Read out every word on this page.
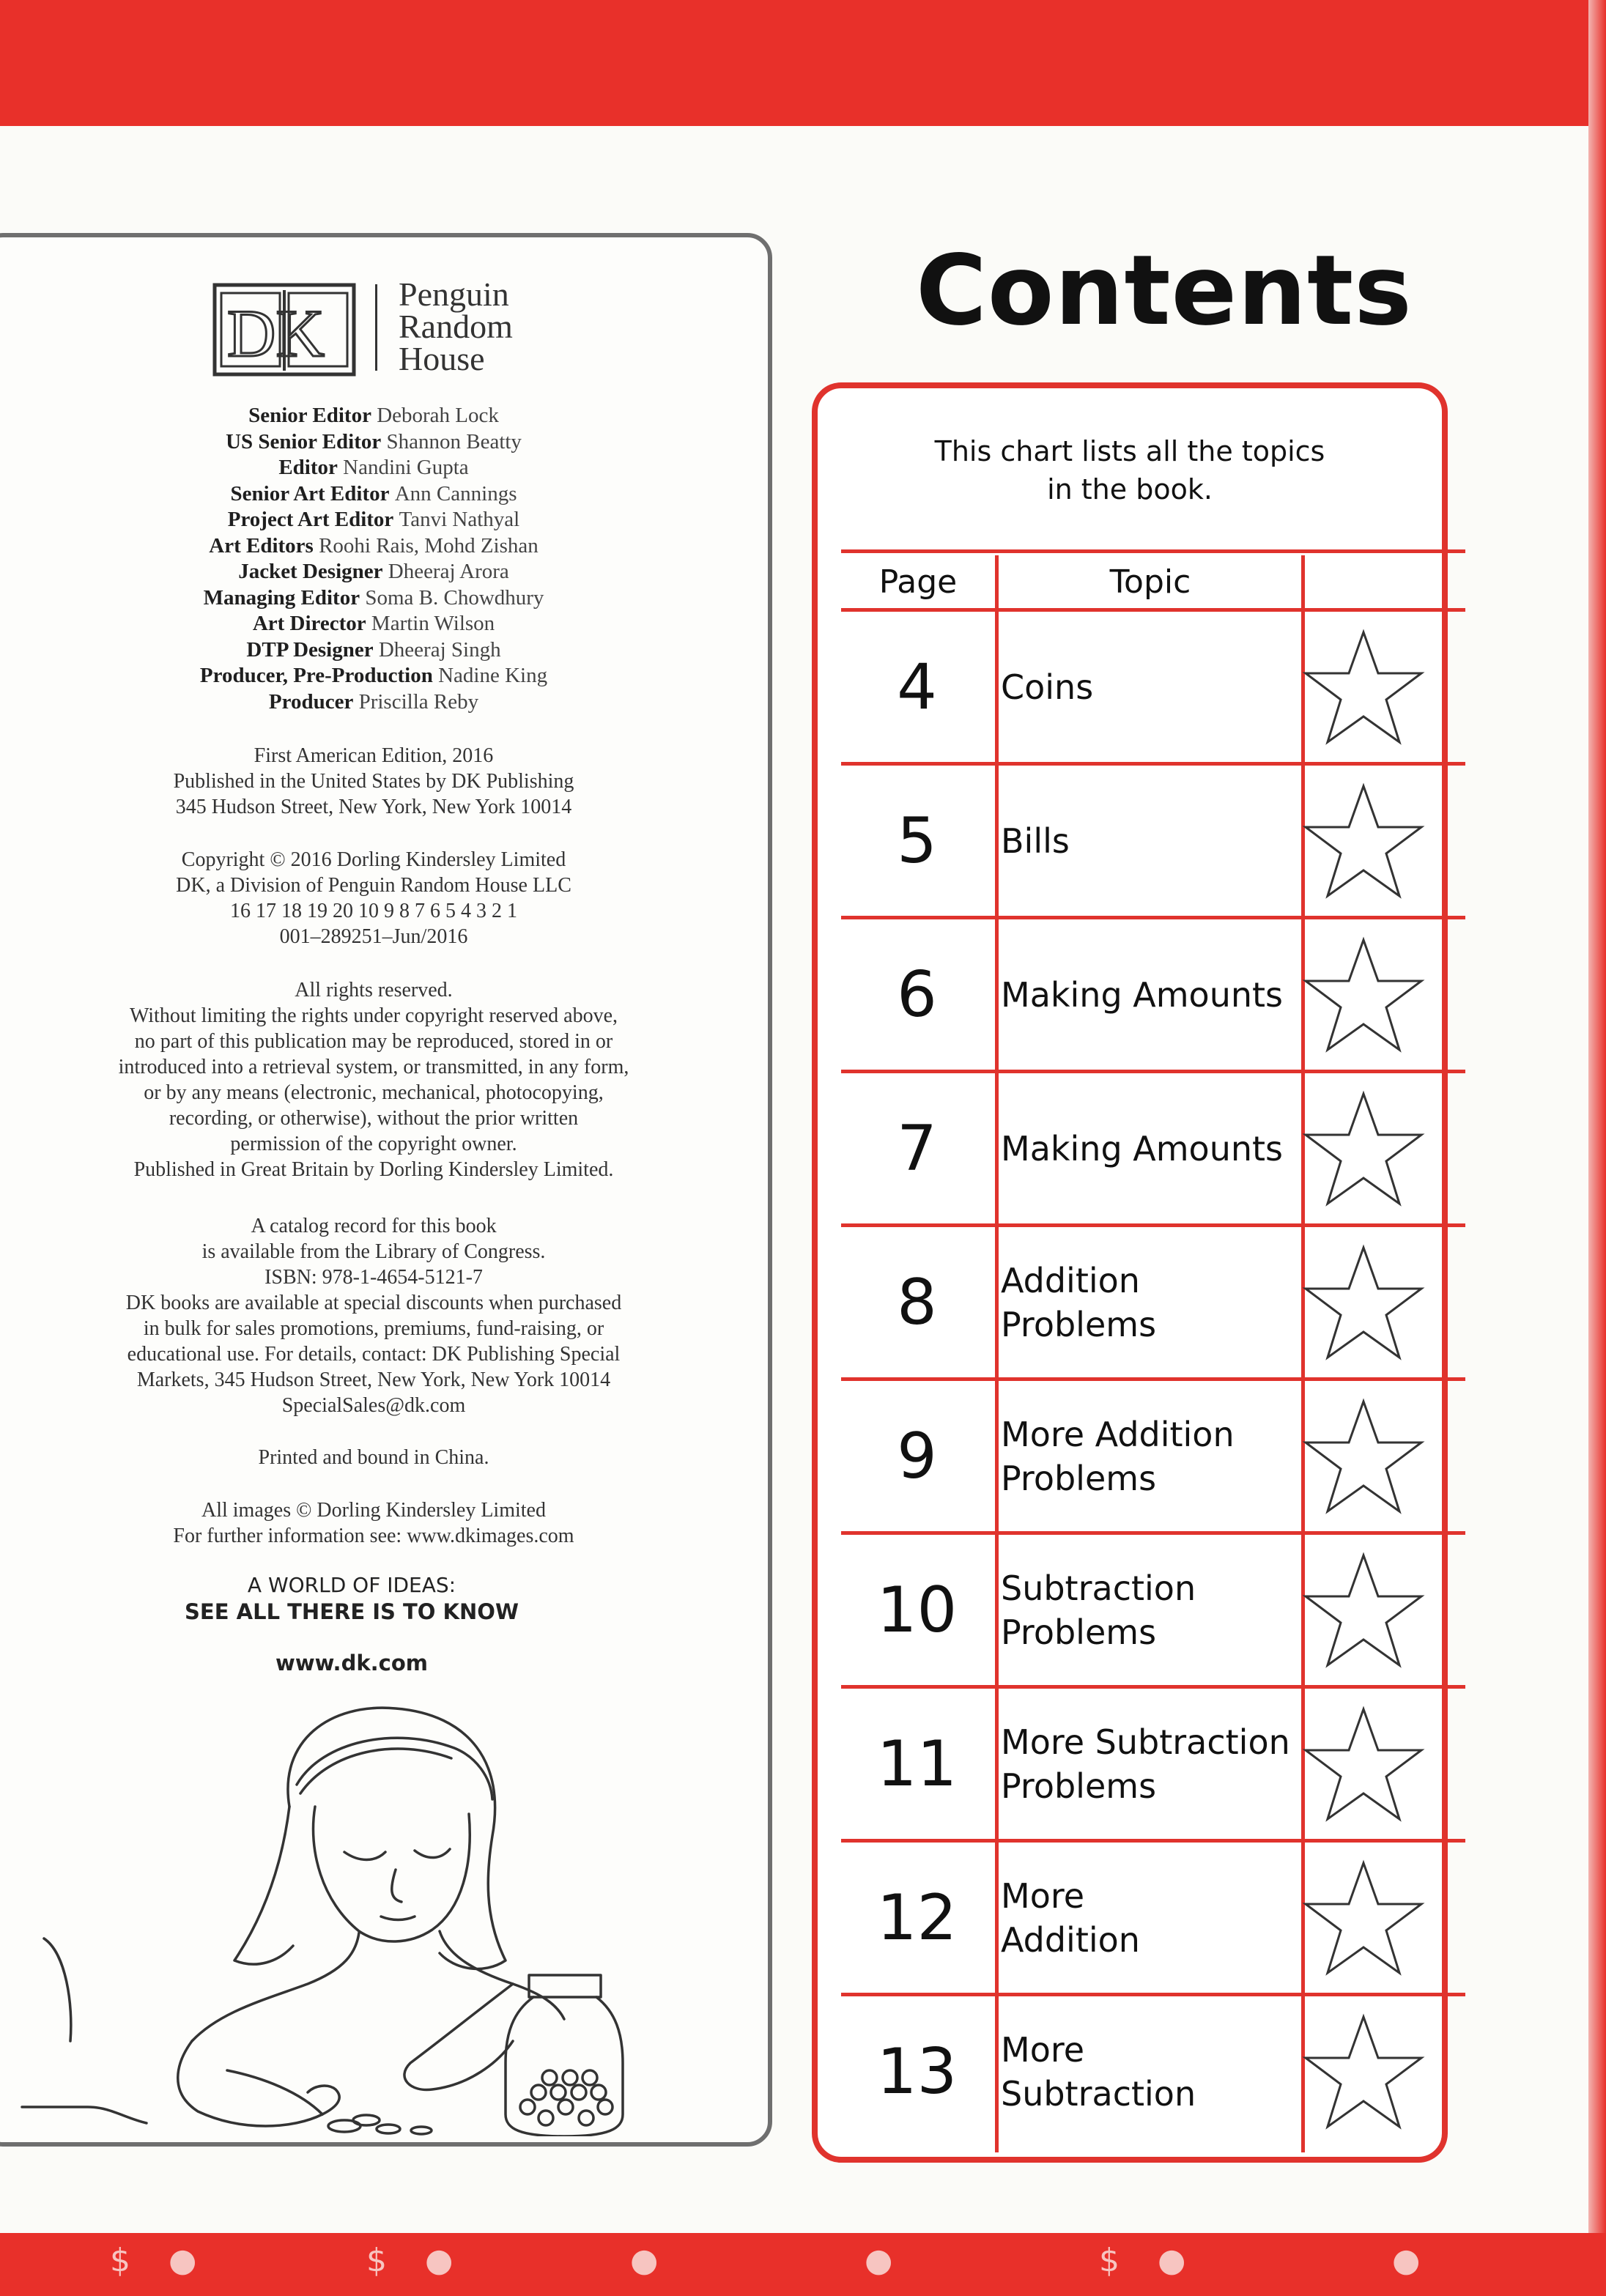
DK
Penguin
Random
House
Senior Editor Deborah Lock
US Senior Editor Shannon Beatty
Editor Nandini Gupta
Senior Art Editor Ann Cannings
Project Art Editor Tanvi Nathyal
Art Editors Roohi Rais, Mohd Zishan
Jacket Designer Dheeraj Arora
Managing Editor Soma B. Chowdhury
Art Director Martin Wilson
DTP Designer Dheeraj Singh
Producer, Pre-Production Nadine King
Producer Priscilla Reby
First American Edition, 2016
Published in the United States by DK Publishing
345 Hudson Street, New York, New York 10014
Copyright © 2016 Dorling Kindersley Limited
DK, a Division of Penguin Random House LLC
16 17 18 19 20 10 9 8 7 6 5 4 3 2 1
001–289251–Jun/2016
All rights reserved.
Without limiting the rights under copyright reserved above,
no part of this publication may be reproduced, stored in or
introduced into a retrieval system, or transmitted, in any form,
or by any means (electronic, mechanical, photocopying,
recording, or otherwise), without the prior written
permission of the copyright owner.
Published in Great Britain by Dorling Kindersley Limited.
A catalog record for this book
is available from the Library of Congress.
ISBN: 978-1-4654-5121-7
DK books are available at special discounts when purchased
in bulk for sales promotions, premiums, fund-raising, or
educational use. For details, contact: DK Publishing Special
Markets, 345 Hudson Street, New York, New York 10014
SpecialSales@dk.com
Printed and bound in China.
All images © Dorling Kindersley Limited
For further information see: www.dkimages.com
A WORLD OF IDEAS:
SEE ALL THERE IS TO KNOW
www.dk.com
Contents
This chart lists all the topics
in the book.
Page	Topic
4	Coins
5	Bills
6	Making Amounts
7	Making Amounts
8	Addition
Problems
9	More Addition
Problems
10	Subtraction
Problems
11	More Subtraction
Problems
12	More
Addition
13	More
Subtraction
$ ●	$ ●	●	●	$ ●	●
